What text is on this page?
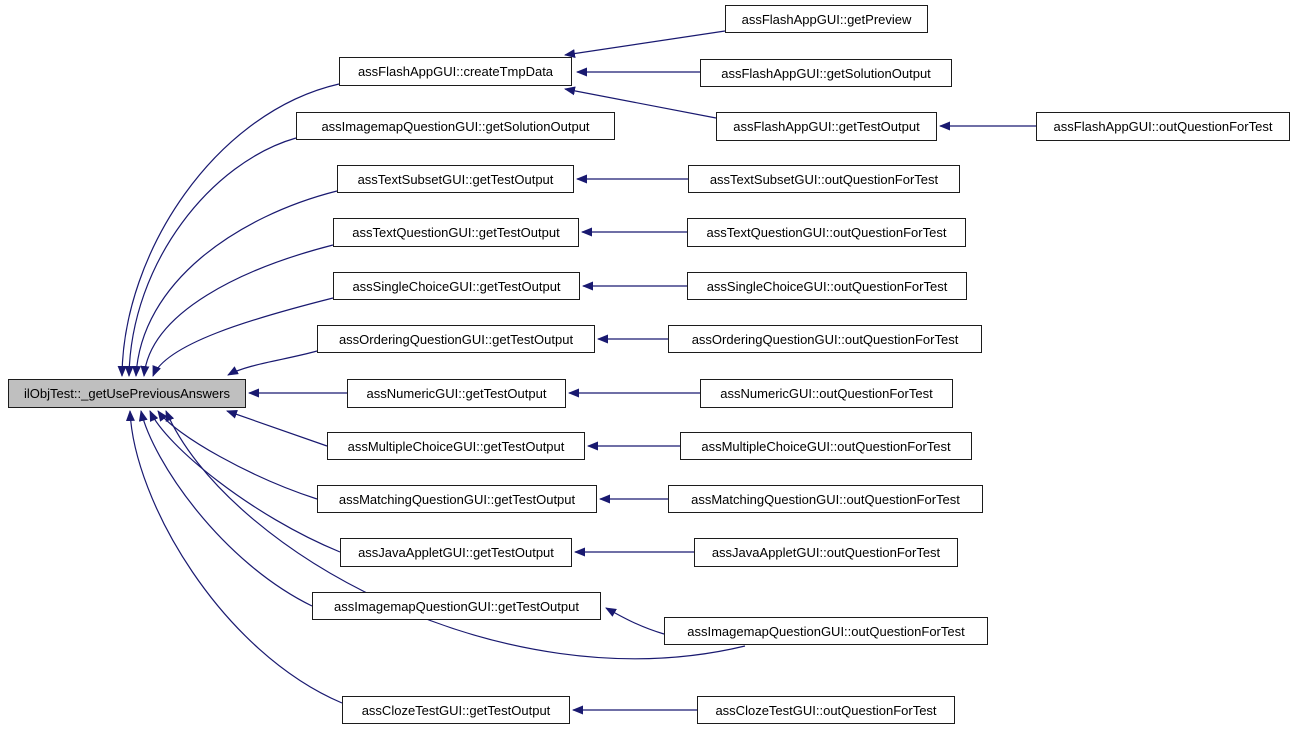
ilObjTest::_getUsePreviousAnswers
assFlashAppGUI::createTmpData
assImagemapQuestionGUI::getSolutionOutput
assTextSubsetGUI::getTestOutput
assTextQuestionGUI::getTestOutput
assSingleChoiceGUI::getTestOutput
assOrderingQuestionGUI::getTestOutput
assNumericGUI::getTestOutput
assMultipleChoiceGUI::getTestOutput
assMatchingQuestionGUI::getTestOutput
assJavaAppletGUI::getTestOutput
assImagemapQuestionGUI::getTestOutput
assClozeTestGUI::getTestOutput
assFlashAppGUI::getPreview
assFlashAppGUI::getSolutionOutput
assFlashAppGUI::getTestOutput
assTextSubsetGUI::outQuestionForTest
assTextQuestionGUI::outQuestionForTest
assSingleChoiceGUI::outQuestionForTest
assOrderingQuestionGUI::outQuestionForTest
assNumericGUI::outQuestionForTest
assMultipleChoiceGUI::outQuestionForTest
assMatchingQuestionGUI::outQuestionForTest
assJavaAppletGUI::outQuestionForTest
assImagemapQuestionGUI::outQuestionForTest
assClozeTestGUI::outQuestionForTest
assFlashAppGUI::outQuestionForTest
